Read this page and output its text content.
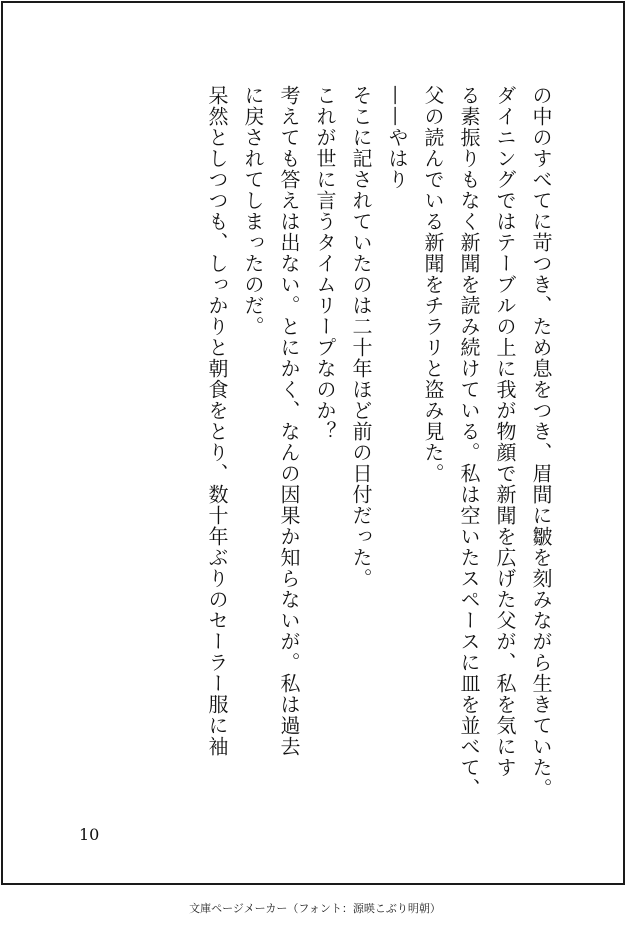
の中のすべてに苛つき、ため息をつき、眉間に皺を刻みながら生きていた。
ダイニングではテーブルの上に我が物顔で新聞を広げた父が、私を気にす
る素振りもなく新聞を読み続けている。私は空いたスペースに皿を並べて、
父の読んでいる新聞をチラリと盗み見た。
——やはり
そこに記されていたのは二十年ほど前の日付だった。
これが世に言うタイムリープなのか？
考えても答えは出ない。とにかく、なんの因果か知らないが。私は過去
に戻されてしまったのだ。
呆然としつつも、しっかりと朝食をとり、数十年ぶりのセーラー服に袖
10
文庫ページメーカー（フォント：源暎こぶり明朝）
